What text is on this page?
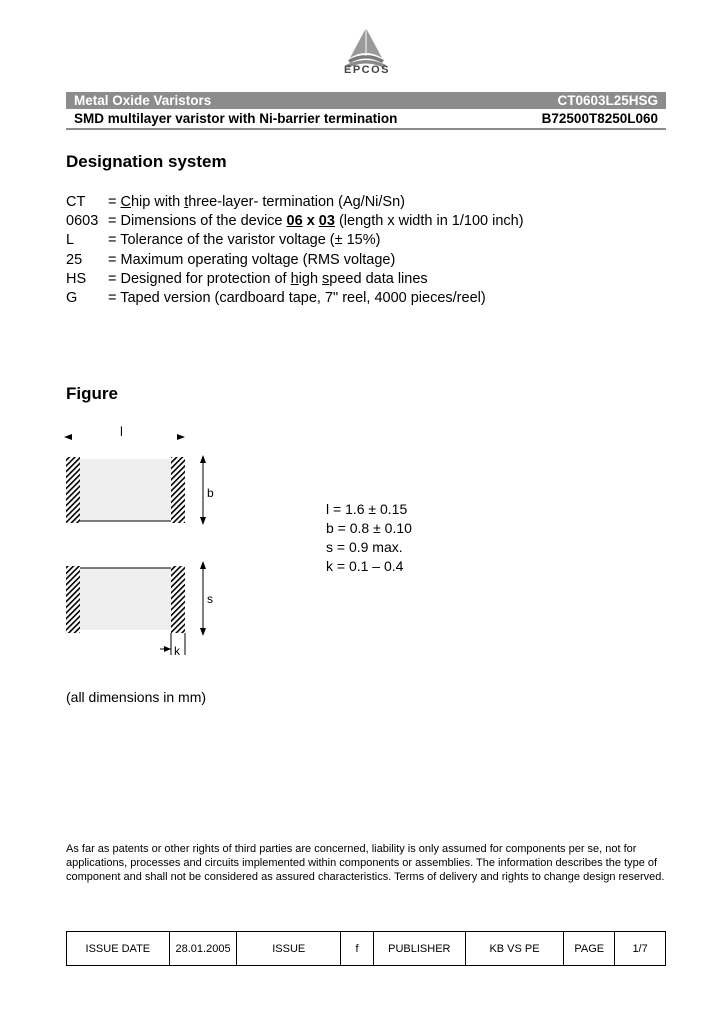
EPCOS
Metal Oxide Varistors	CT0603L25HSG
SMD multilayer varistor with Ni-barrier termination	B72500T8250L060
Designation system
CT	= Chip with three-layer- termination (Ag/Ni/Sn)
0603 = Dimensions of the device 06 x 03 (length x width in 1/100 inch)
L	= Tolerance of the varistor voltage (± 15%)
25	= Maximum operating voltage (RMS voltage)
HS	= Designed for protection of high speed data lines
G	= Taped version (cardboard tape, 7" reel, 4000 pieces/reel)
Figure
l
b
s
k
l = 1.6 ± 0.15
b = 0.8 ± 0.10
s = 0.9 max.
k = 0.1 – 0.4
(all dimensions in mm)
As far as patents or other rights of third parties are concerned, liability is only assumed for components per se, not for applications, processes and circuits implemented within components or assemblies. The information describes the type of component and shall not be considered as assured characteristics. Terms of delivery and rights to change design reserved.
ISSUE DATE	28.01.2005	ISSUE	f	PUBLISHER	KB VS PE	PAGE	1/7
